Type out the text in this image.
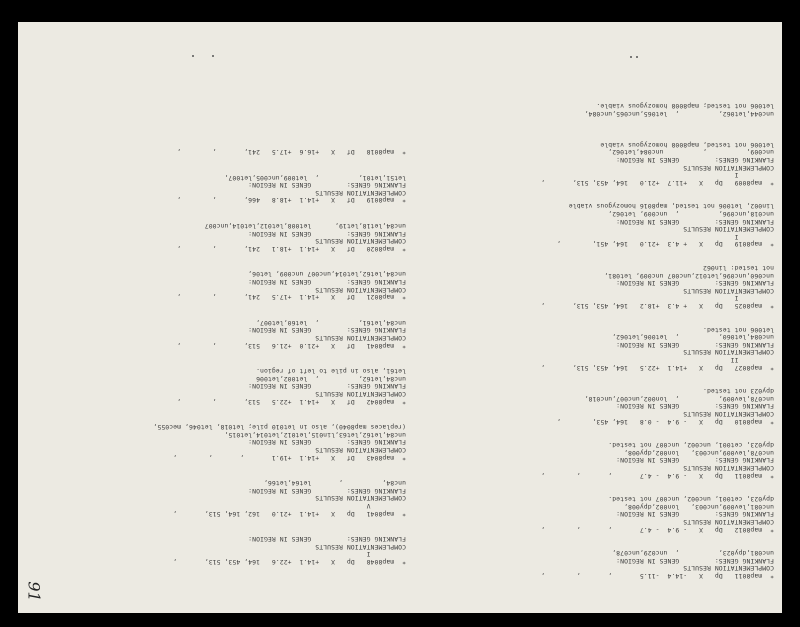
*  map8048   Dp   X   +14.1  +22.6   164, 453, 513,       ,
I
COMPLEMENTATION RESULTS
FLANKING GENES:         GENES IN REGION:
*  map8041   Dp   X   +14.1  +21.0   162, 164, 513,       ,
V
COMPLEMENTATION RESULTS
FLANKING GENES:         GENES IN REGION:
unc84,          ,       let64,let66,
*  map8043   Df   X   +14.1  +19.1       ,       ,        ,
COMPLEMENTATION RESULTS
FLANKING GENES:         GENES IN REGION:
unc84,let62,let63,lin015,let012,let014,let015,
(replaces map8040), also in let010 pile; let018, let046, mec055,
*  map8042   Df   X   +14.1  +22.5   513,       ,        ,
COMPLEMENTATION RESULTS
FLANKING GENES:         GENES IN REGION:
unc84,let62,          ,  let002,let006
let61, also in pile to left of region.
*  map8041   Df   X   +21.0  +21.6   513,       ,        ,
COMPLEMENTATION RESULTS
FLANKING GENES:         GENES IN REGION:
unc84,let61,          ,  let60,let007,
*  map8021   Df   X   +14.1  +17.5   241,       ,        ,
COMPLEMENTATION RESULTS
FLANKING GENES:         GENES IN REGION:
unc84,let62,let014,unc007 unc009, let06,
*  map8020   Df   X   +14.1  +18.1   241,       ,        ,
COMPLEMENTATION RESULTS
FLANKING GENES:         GENES IN REGION:
unc84,let18,let19,      let008,let012,let014,unc007
*  map8019   Df   X   +14.1  +18.8   466,       ,        ,
COMPLEMENTATION RESULTS
FLANKING GENES:         GENES IN REGION:
let51,let01,          ,  let009,unc005,let007,
*  map8018   Df   X   +16.6  +17.5   241,       ,        ,
*  map8011   Dp   X   -14.4  -11.5       ,       ,        ,
COMPLEMENTATION RESULTS
FLANKING GENES:         GENES IN REGION:
unc081,dpy023,          ,  unc029,unc078,
*  map8012   Dp   X   - 9.4  - 4.7       ,       ,        ,
COMPLEMENTATION RESULTS
FLANKING GENES:         GENES IN REGION:
unc081,lev009,unc003,   lon002,dpy008,
dpy023, cet001, unc002, unc007 not tested.
*  map8011   Dp   X   - 9.4  - 4.7       ,       ,        ,
COMPLEMENTATION RESULTS
FLANKING GENES:         GENES IN REGION:
unc078,lev009,unc003,   lon002,dpy008,
dpy023, cet001, unc002, unc007 not tested.
*  map8010   Dp   X   - 9.4  - 0.8   164, 453,        ,
COMPLEMENTATION RESULTS
FLANKING GENES:         GENES IN REGION:
unc078,lev009,          ,  lon002,unc007,unc018,
dpy023 not tested.
*  map8027   Dp   X   +14.1  +22.5   164, 453, 513,       ,
II
COMPLEMENTATION RESULTS
FLANKING GENES:         GENES IN REGION:
unc084,let060,          ,  let006,let062,
let006 not tested.
*  map8025   Dp   X   + 4.3  +18.2   164, 453, 513,       ,
I
COMPLEMENTATION RESULTS
FLANKING GENES:         GENES IN REGION:
unc060,unc096,let012,unc007 unc009, let081,
not tested: lin062
*  map8019   Dp   X   + 4.3  +21.0   164, 451,        ,
I
COMPLEMENTATION RESULTS
FLANKING GENES:         GENES IN REGION:
unc018,unc096,          ,  unc009, let062,
lin002, let006 not tested, map8016 homozygous viable
*  map8009   Dp   X   +11.7  +21.0   164, 453, 513,       ,
I
COMPLEMENTATION RESULTS
FLANKING GENES:         GENES IN REGION:
unc009,          ,          unc084,let062,
let006 not tested, map8008 homozygous viable
unc044,let062,          ,  let065,unc065,unc084,
let006 not tested; map8008 homozygous viable.
91
